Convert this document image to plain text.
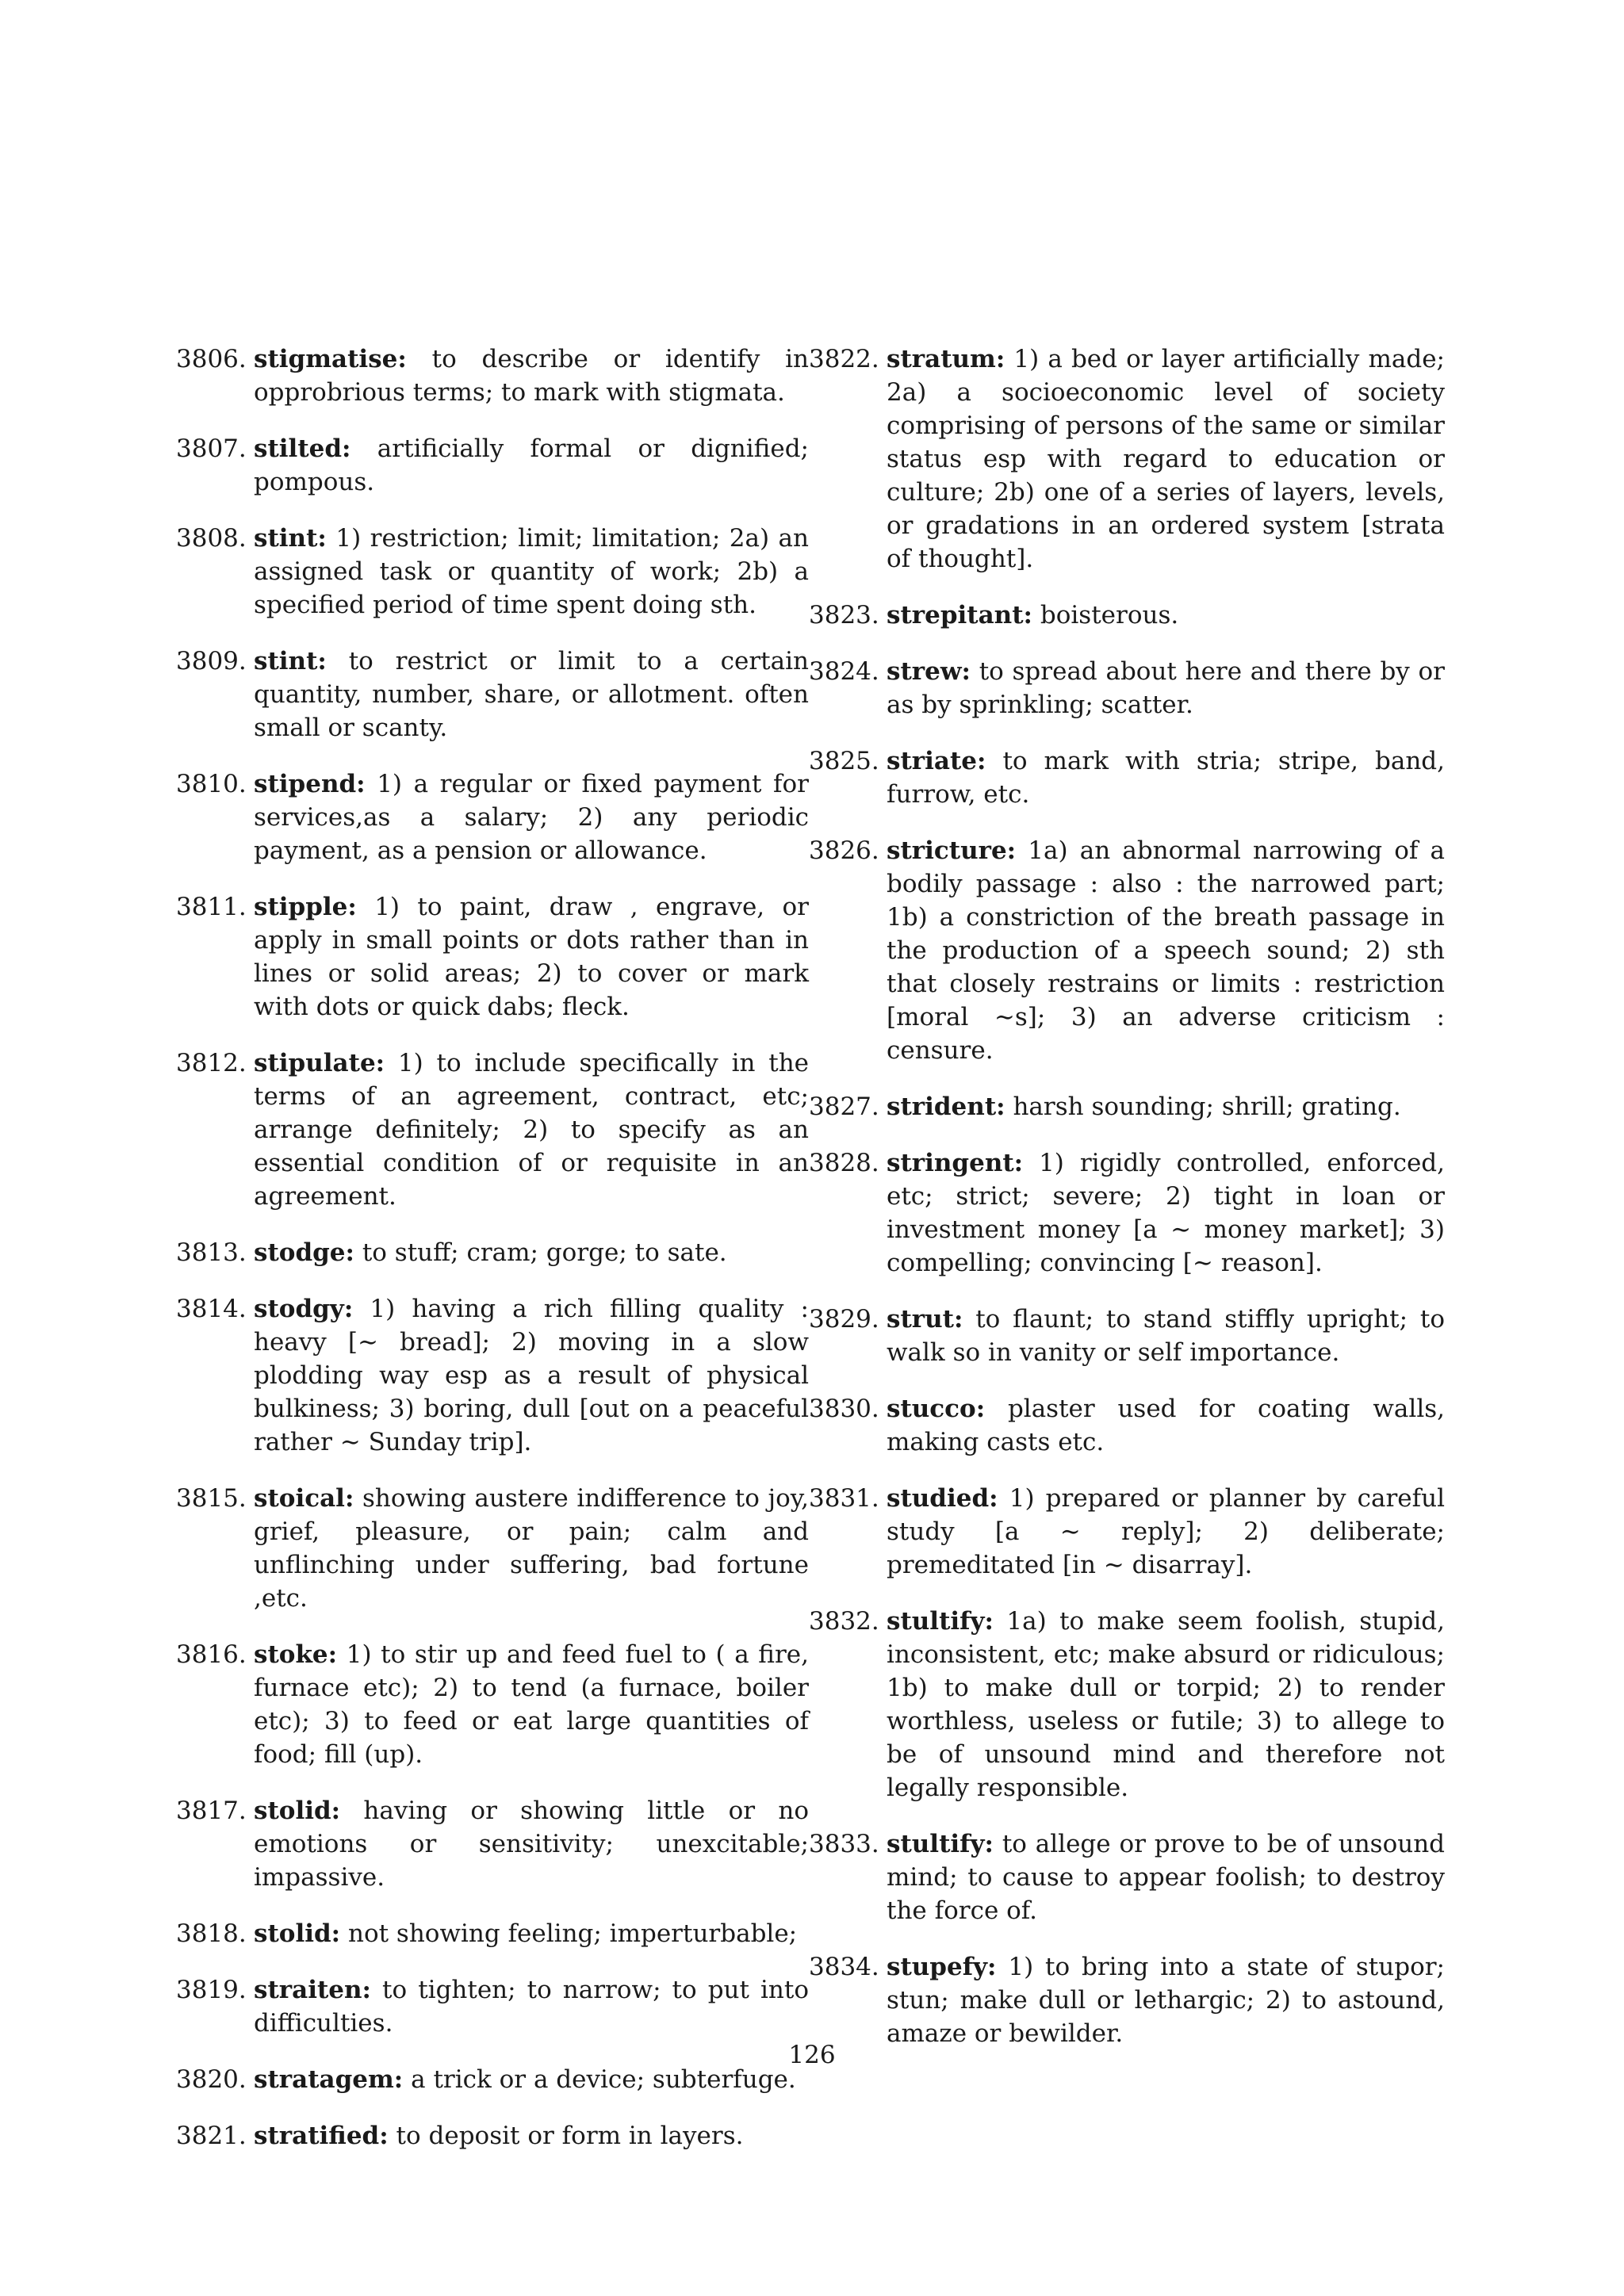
3806. stigmatise: to describe or identify in opprobrious terms; to mark with stigmata.
3807. stilted: artificially formal or dignified; pompous.
3808. stint: 1) restriction; limit; limitation; 2a) an assigned task or quantity of work; 2b) a specified period of time spent doing sth.
3809. stint: to restrict or limit to a certain quantity, number, share, or allotment. often small or scanty.
3810. stipend: 1) a regular or fixed payment for services,as a salary; 2) any periodic payment, as a pension or allowance.
3811. stipple: 1) to paint, draw , engrave, or apply in small points or dots rather than in lines or solid areas; 2) to cover or mark with dots or quick dabs; fleck.
3812. stipulate: 1) to include specifically in the terms of an agreement, contract, etc; arrange definitely; 2) to specify as an essential condition of or requisite in an agreement.
3813. stodge: to stuff; cram; gorge; to sate.
3814. stodgy: 1) having a rich filling quality : heavy [∼ bread]; 2) moving in a slow plodding way esp as a result of physical bulkiness; 3) boring, dull [out on a peaceful rather ∼ Sunday trip].
3815. stoical: showing austere indifference to joy, grief, pleasure, or pain; calm and unflinching under suffering, bad fortune ,etc.
3816. stoke: 1) to stir up and feed fuel to ( a fire, furnace etc); 2) to tend (a furnace, boiler etc); 3) to feed or eat large quantities of food; fill (up).
3817. stolid: having or showing little or no emotions or sensitivity; unexcitable; impassive.
3818. stolid: not showing feeling; imperturbable;
3819. straiten: to tighten; to narrow; to put into difficulties.
3820. stratagem: a trick or a device; subterfuge.
3821. stratified: to deposit or form in layers.
3822. stratum: 1) a bed or layer artificially made; 2a) a socioeconomic level of society comprising of persons of the same or similar status esp with regard to education or culture; 2b) one of a series of layers, levels, or gradations in an ordered system [strata of thought].
3823. strepitant: boisterous.
3824. strew: to spread about here and there by or as by sprinkling; scatter.
3825. striate: to mark with stria; stripe, band, furrow, etc.
3826. stricture: 1a) an abnormal narrowing of a bodily passage : also : the narrowed part; 1b) a constriction of the breath passage in the production of a speech sound; 2) sth that closely restrains or limits : restriction [moral ∼s]; 3) an adverse criticism : censure.
3827. strident: harsh sounding; shrill; grating.
3828. stringent: 1) rigidly controlled, enforced, etc; strict; severe; 2) tight in loan or investment money [a ∼ money market]; 3) compelling; convincing [∼ reason].
3829. strut: to flaunt; to stand stiffly upright; to walk so in vanity or self importance.
3830. stucco: plaster used for coating walls, making casts etc.
3831. studied: 1) prepared or planner by careful study [a ∼ reply]; 2) deliberate; premeditated [in ∼ disarray].
3832. stultify: 1a) to make seem foolish, stupid, inconsistent, etc; make absurd or ridiculous; 1b) to make dull or torpid; 2) to render worthless, useless or futile; 3) to allege to be of unsound mind and therefore not legally responsible.
3833. stultify: to allege or prove to be of unsound mind; to cause to appear foolish; to destroy the force of.
3834. stupefy: 1) to bring into a state of stupor; stun; make dull or lethargic; 2) to astound, amaze or bewilder.
126
